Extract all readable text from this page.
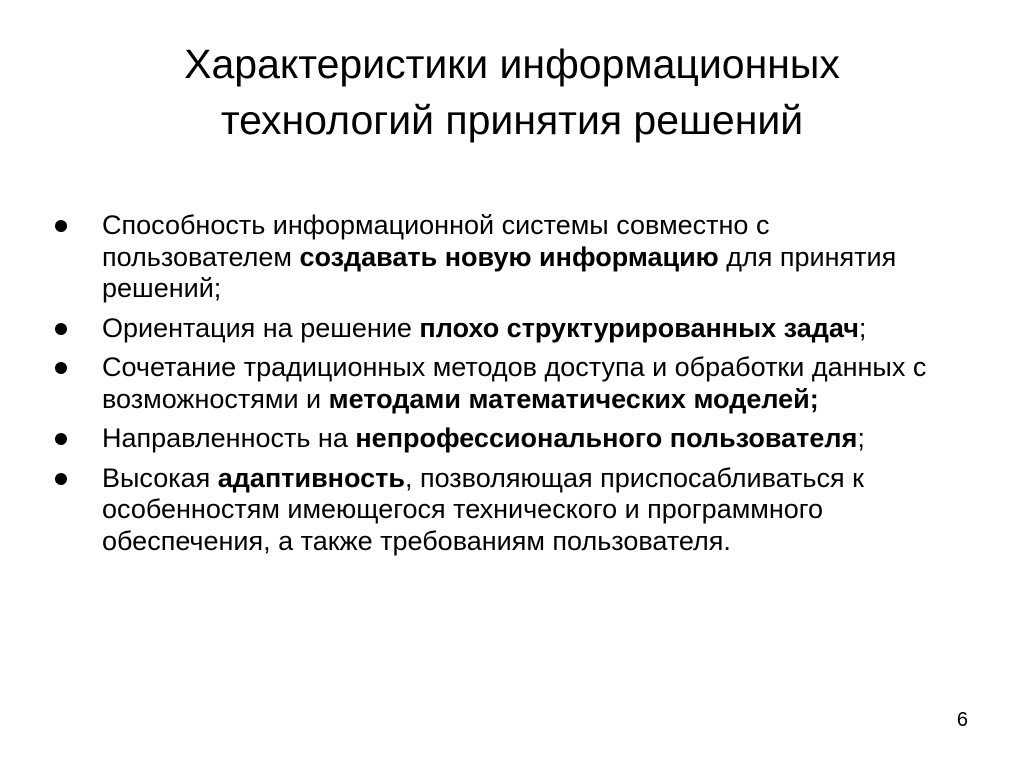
Характеристики информационных
технологий принятия решений
Способность информационной системы совместно с пользователем создавать новую информацию для принятия решений;
Ориентация на решение плохо структурированных задач;
Сочетание традиционных методов доступа и обработки данных с возможностями и методами математических моделей;
Направленность на непрофессионального пользователя;
Высокая адаптивность, позволяющая приспосабливаться к особенностям имеющегося технического и программного обеспечения, а также требованиям пользователя.
6
